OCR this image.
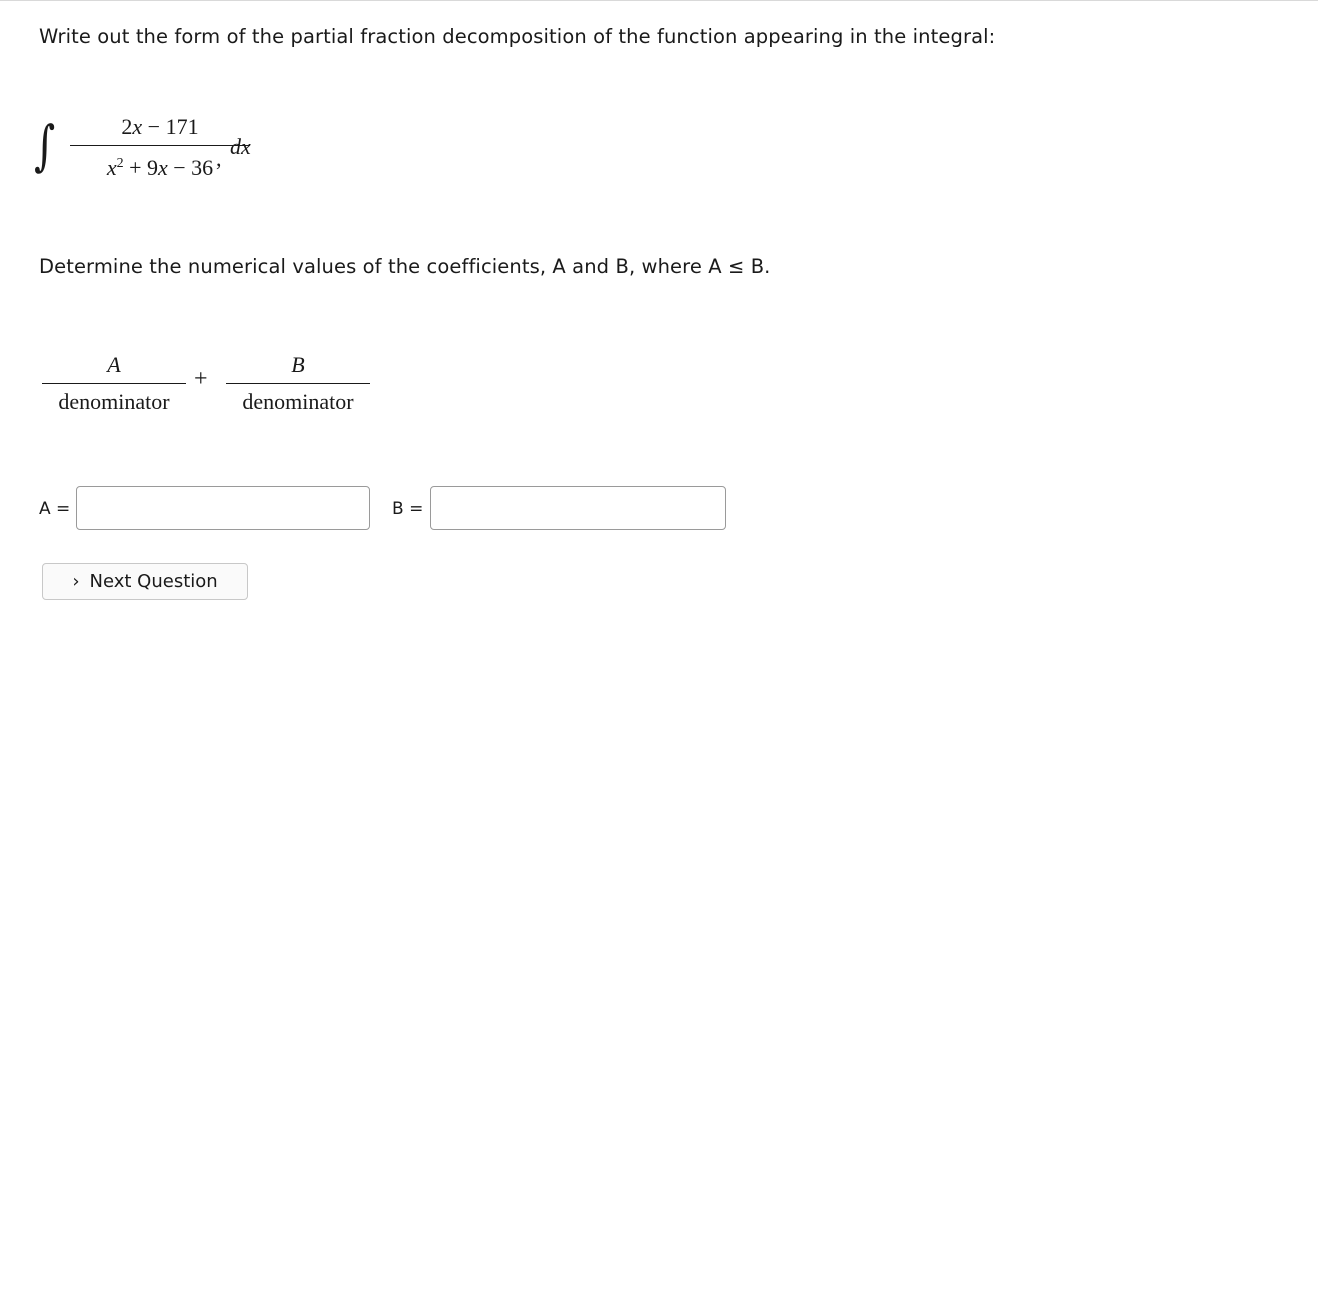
Write out the form of the partial fraction decomposition of the function appearing in the integral:
∫	2x − 171
$x^2 + 9x - 36$ , dx
Determine the numerical values of the coefficients, A and B, where A ≤ B.
A
denominator
+
B
denominator
A =	B =
› Next Question
